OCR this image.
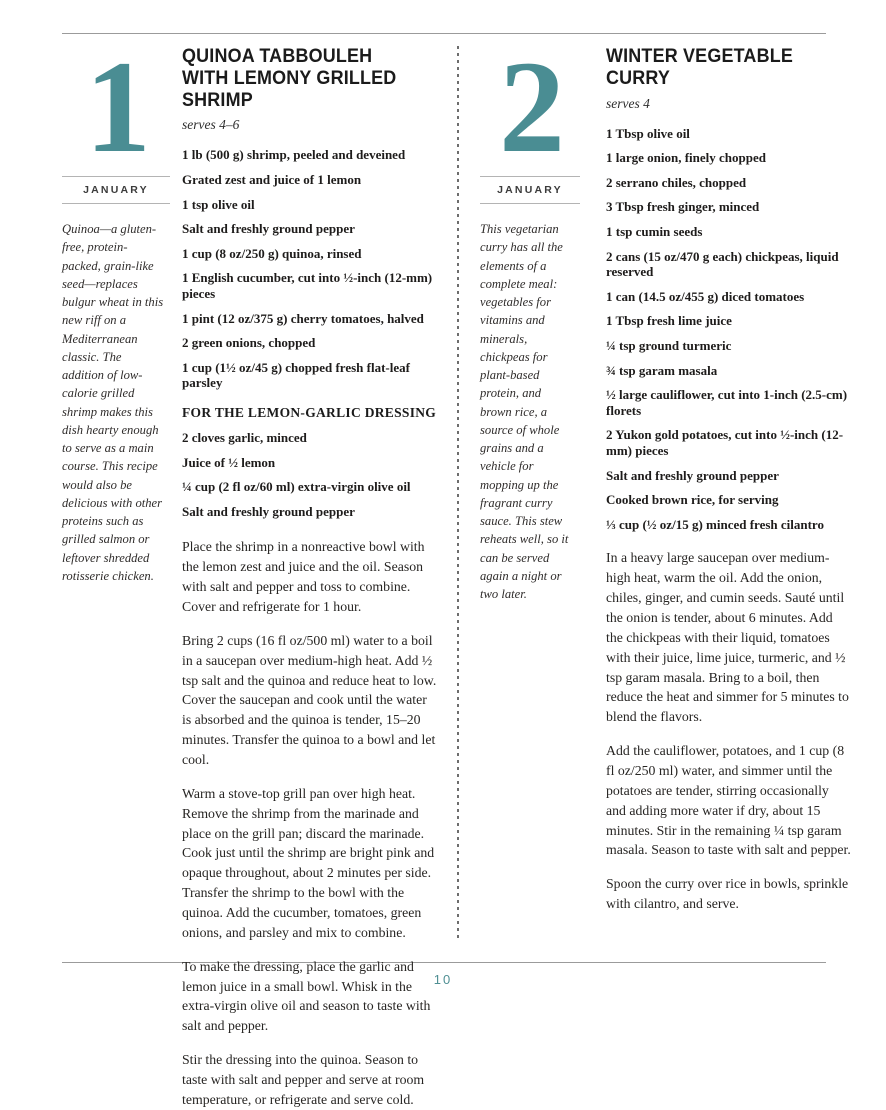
1
JANUARY
Quinoa—a gluten-free, protein-packed, grain-like seed—replaces bulgur wheat in this new riff on a Mediterranean classic. The addition of low-calorie grilled shrimp makes this dish hearty enough to serve as a main course. This recipe would also be delicious with other proteins such as grilled salmon or leftover shredded rotisserie chicken.
QUINOA TABBOULEH WITH LEMONY GRILLED SHRIMP
serves 4–6
1 lb (500 g) shrimp, peeled and deveined
Grated zest and juice of 1 lemon
1 tsp olive oil
Salt and freshly ground pepper
1 cup (8 oz/250 g) quinoa, rinsed
1 English cucumber, cut into ½-inch (12-mm) pieces
1 pint (12 oz/375 g) cherry tomatoes, halved
2 green onions, chopped
1 cup (1½ oz/45 g) chopped fresh flat-leaf parsley
FOR THE LEMON-GARLIC DRESSING
2 cloves garlic, minced
Juice of ½ lemon
¼ cup (2 fl oz/60 ml) extra-virgin olive oil
Salt and freshly ground pepper

Place the shrimp in a nonreactive bowl with the lemon zest and juice and the oil. Season with salt and pepper and toss to combine. Cover and refrigerate for 1 hour.

Bring 2 cups (16 fl oz/500 ml) water to a boil in a saucepan over medium-high heat. Add ½ tsp salt and the quinoa and reduce heat to low. Cover the saucepan and cook until the water is absorbed and the quinoa is tender, 15–20 minutes. Transfer the quinoa to a bowl and let cool.

Warm a stove-top grill pan over high heat. Remove the shrimp from the marinade and place on the grill pan; discard the marinade. Cook just until the shrimp are bright pink and opaque throughout, about 2 minutes per side. Transfer the shrimp to the bowl with the quinoa. Add the cucumber, tomatoes, green onions, and parsley and mix to combine.

To make the dressing, place the garlic and lemon juice in a small bowl. Whisk in the extra-virgin olive oil and season to taste with salt and pepper.

Stir the dressing into the quinoa. Season to taste with salt and pepper and serve at room temperature, or refrigerate and serve cold.

2
JANUARY
This vegetarian curry has all the elements of a complete meal: vegetables for vitamins and minerals, chickpeas for plant-based protein, and brown rice, a source of whole grains and a vehicle for mopping up the fragrant curry sauce. This stew reheats well, so it can be served again a night or two later.
WINTER VEGETABLE CURRY
serves 4
1 Tbsp olive oil
1 large onion, finely chopped
2 serrano chiles, chopped
3 Tbsp fresh ginger, minced
1 tsp cumin seeds
2 cans (15 oz/470 g each) chickpeas, liquid reserved
1 can (14.5 oz/455 g) diced tomatoes
1 Tbsp fresh lime juice
¼ tsp ground turmeric
¾ tsp garam masala
½ large cauliflower, cut into 1-inch (2.5-cm) florets
2 Yukon gold potatoes, cut into ½-inch (12-mm) pieces
Salt and freshly ground pepper
Cooked brown rice, for serving
⅓ cup (½ oz/15 g) minced fresh cilantro

In a heavy large saucepan over medium-high heat, warm the oil. Add the onion, chiles, ginger, and cumin seeds. Sauté until the onion is tender, about 6 minutes. Add the chickpeas with their liquid, tomatoes with their juice, lime juice, turmeric, and ½ tsp garam masala. Bring to a boil, then reduce the heat and simmer for 5 minutes to blend the flavors.

Add the cauliflower, potatoes, and 1 cup (8 fl oz/250 ml) water, and simmer until the potatoes are tender, stirring occasionally and adding more water if dry, about 15 minutes. Stir in the remaining ¼ tsp garam masala. Season to taste with salt and pepper.

Spoon the curry over rice in bowls, sprinkle with cilantro, and serve.

10
